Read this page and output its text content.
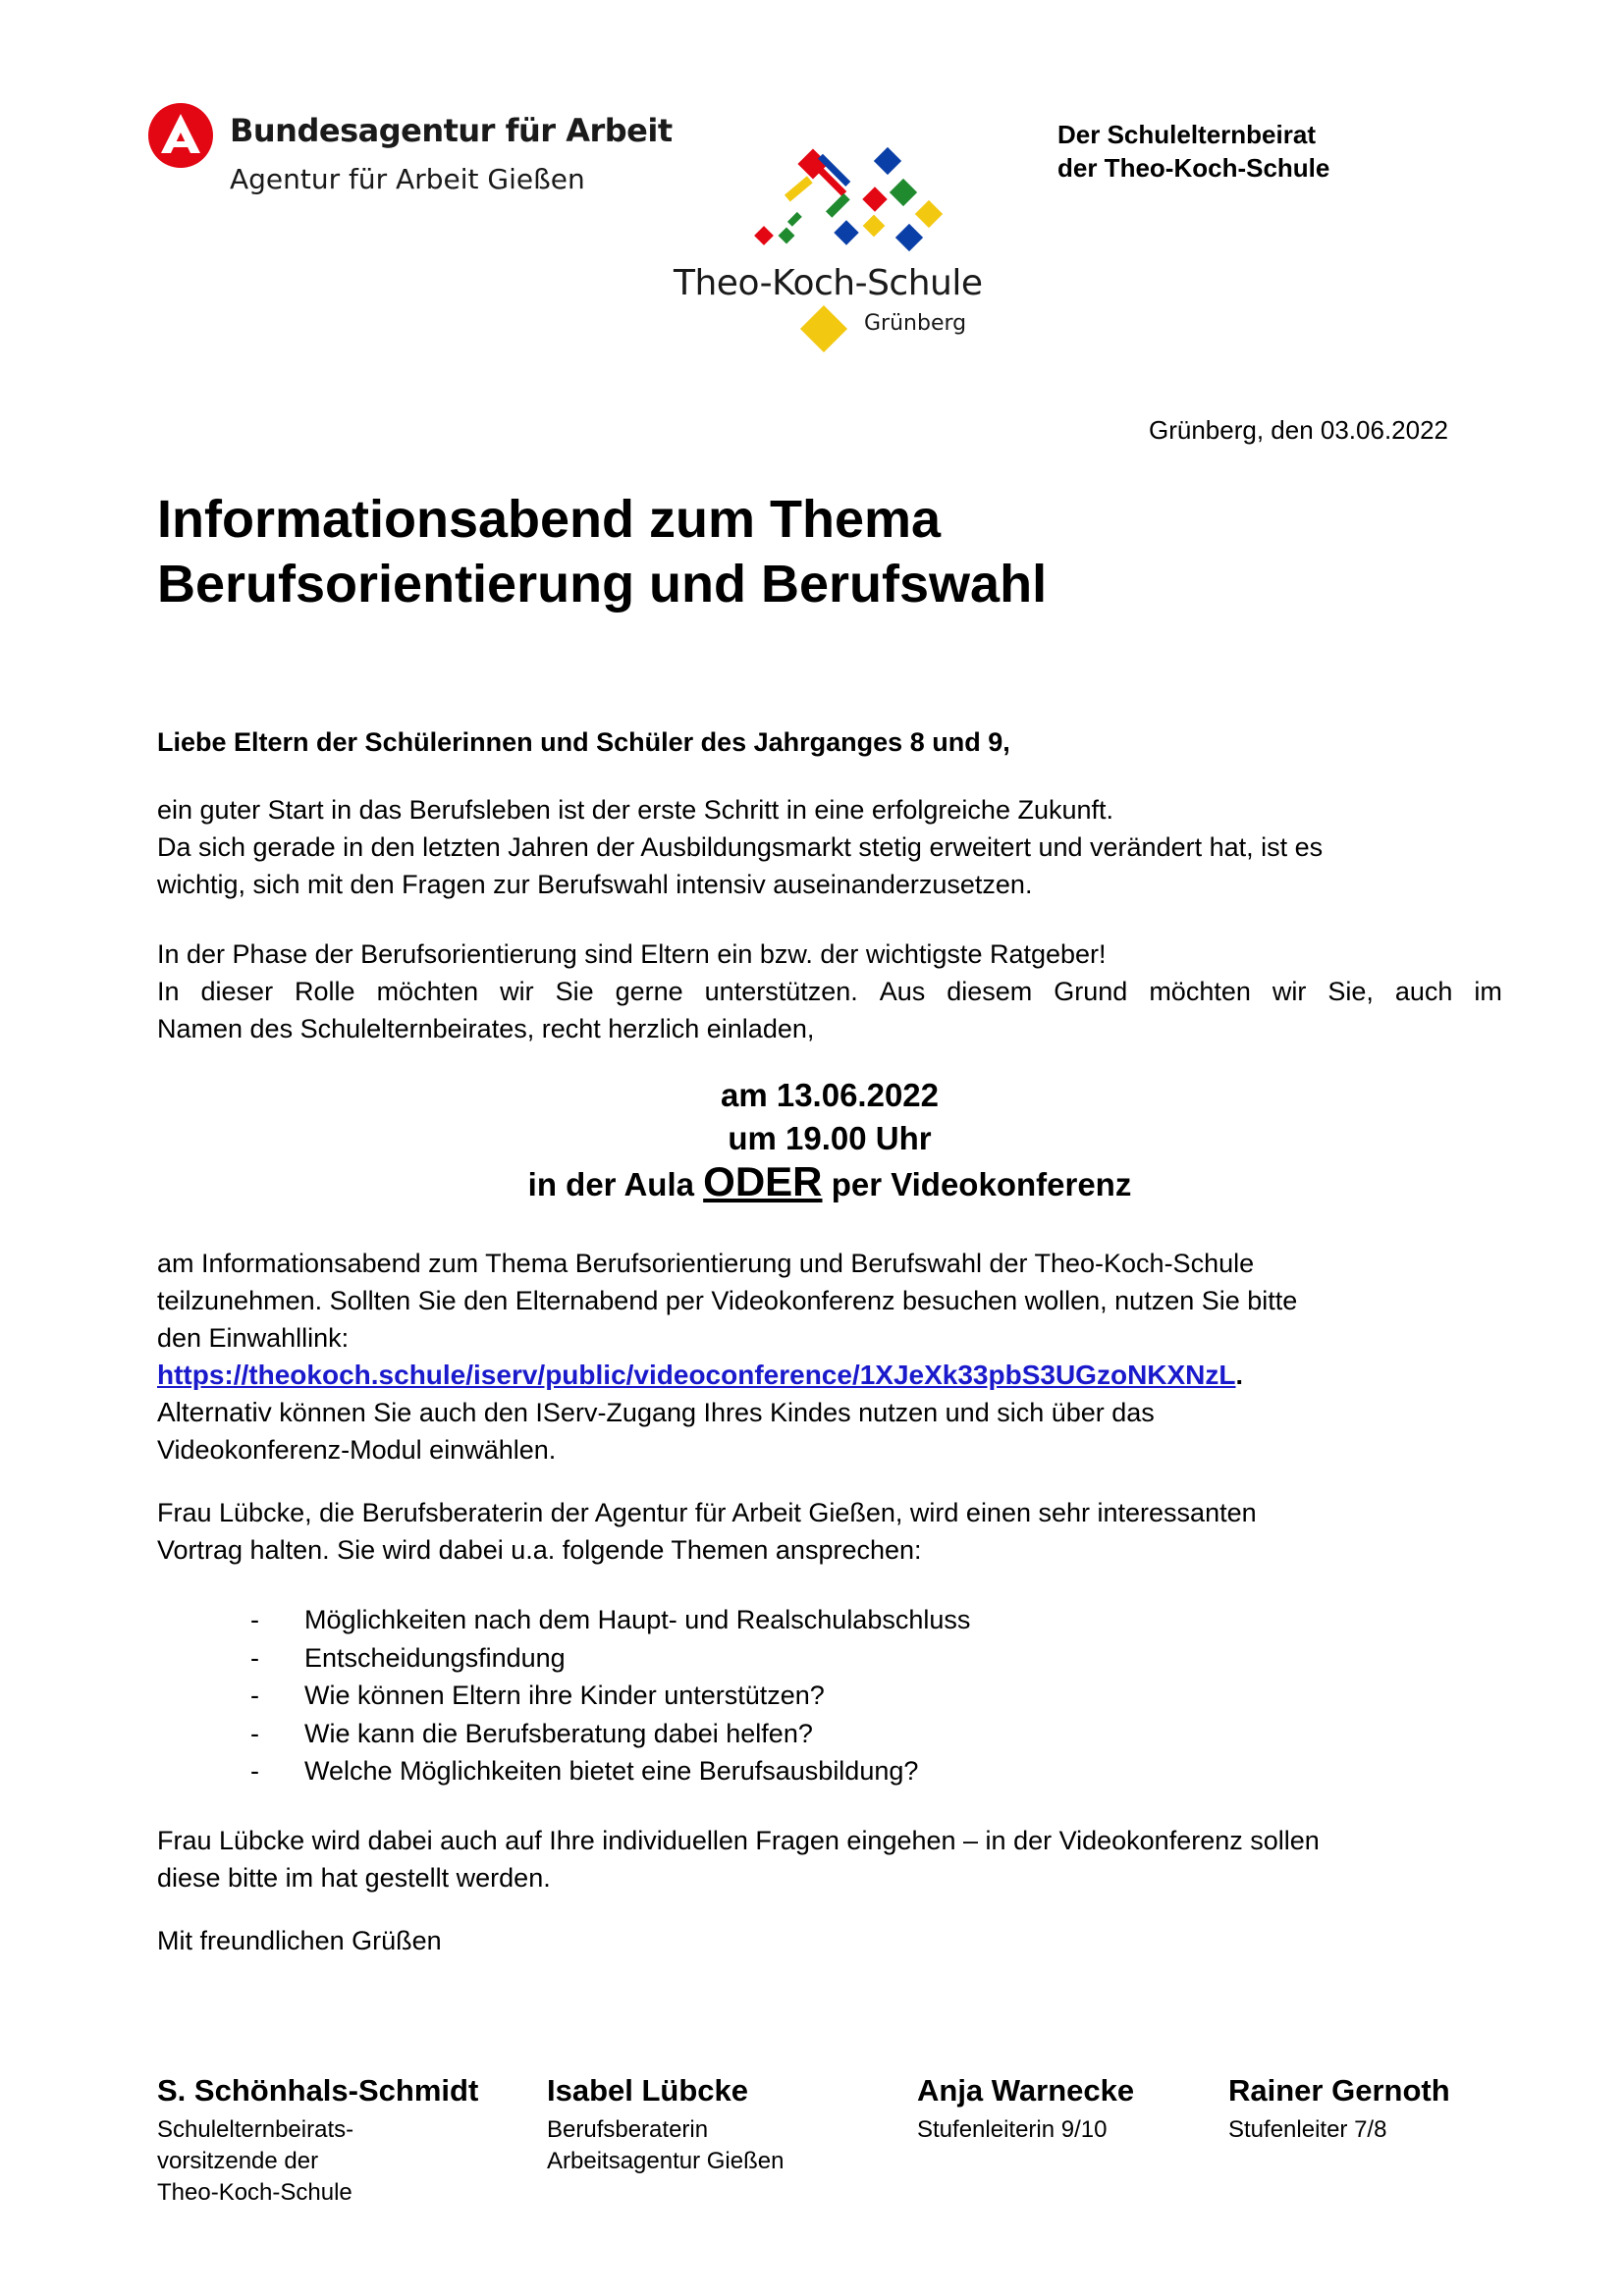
Bundesagentur für Arbeit
Agentur für Arbeit Gießen
Theo-Koch-Schule
Grünberg
Der Schulelternbeirat
der Theo-Koch-Schule
Grünberg, den 03.06.2022
Informationsabend zum Thema
Berufsorientierung und Berufswahl
Liebe Eltern der Schülerinnen und Schüler des Jahrganges 8 und 9,
ein guter Start in das Berufsleben ist der erste Schritt in eine erfolgreiche Zukunft.
Da sich gerade in den letzten Jahren der Ausbildungsmarkt stetig erweitert und verändert hat, ist es
wichtig, sich mit den Fragen zur Berufswahl intensiv auseinanderzusetzen.
In der Phase der Berufsorientierung sind Eltern ein bzw. der wichtigste Ratgeber!
In dieser Rolle möchten wir Sie gerne unterstützen. Aus diesem Grund möchten wir Sie, auch im
Namen des Schulelternbeirates, recht herzlich einladen,
am 13.06.2022
um 19.00 Uhr
in der Aula ODER per Videokonferenz
am Informationsabend zum Thema Berufsorientierung und Berufswahl der Theo-Koch-Schule
teilzunehmen. Sollten Sie den Elternabend per Videokonferenz besuchen wollen, nutzen Sie bitte
den Einwahllink:
https://theokoch.schule/iserv/public/videoconference/1XJeXk33pbS3UGzoNKXNzL.
Alternativ können Sie auch den IServ-Zugang Ihres Kindes nutzen und sich über das
Videokonferenz-Modul einwählen.
Frau Lübcke, die Berufsberaterin der Agentur für Arbeit Gießen, wird einen sehr interessanten
Vortrag halten. Sie wird dabei u.a. folgende Themen ansprechen:
- Möglichkeiten nach dem Haupt- und Realschulabschluss
- Entscheidungsfindung
- Wie können Eltern ihre Kinder unterstützen?
- Wie kann die Berufsberatung dabei helfen?
- Welche Möglichkeiten bietet eine Berufsausbildung?
Frau Lübcke wird dabei auch auf Ihre individuellen Fragen eingehen – in der Videokonferenz sollen
diese bitte im hat gestellt werden.
Mit freundlichen Grüßen
S. Schönhals-Schmidt
Schulelternbeirats-
vorsitzende der
Theo-Koch-Schule
Isabel Lübcke
Berufsberaterin
Arbeitsagentur Gießen
Anja Warnecke
Stufenleiterin 9/10
Rainer Gernoth
Stufenleiter 7/8
